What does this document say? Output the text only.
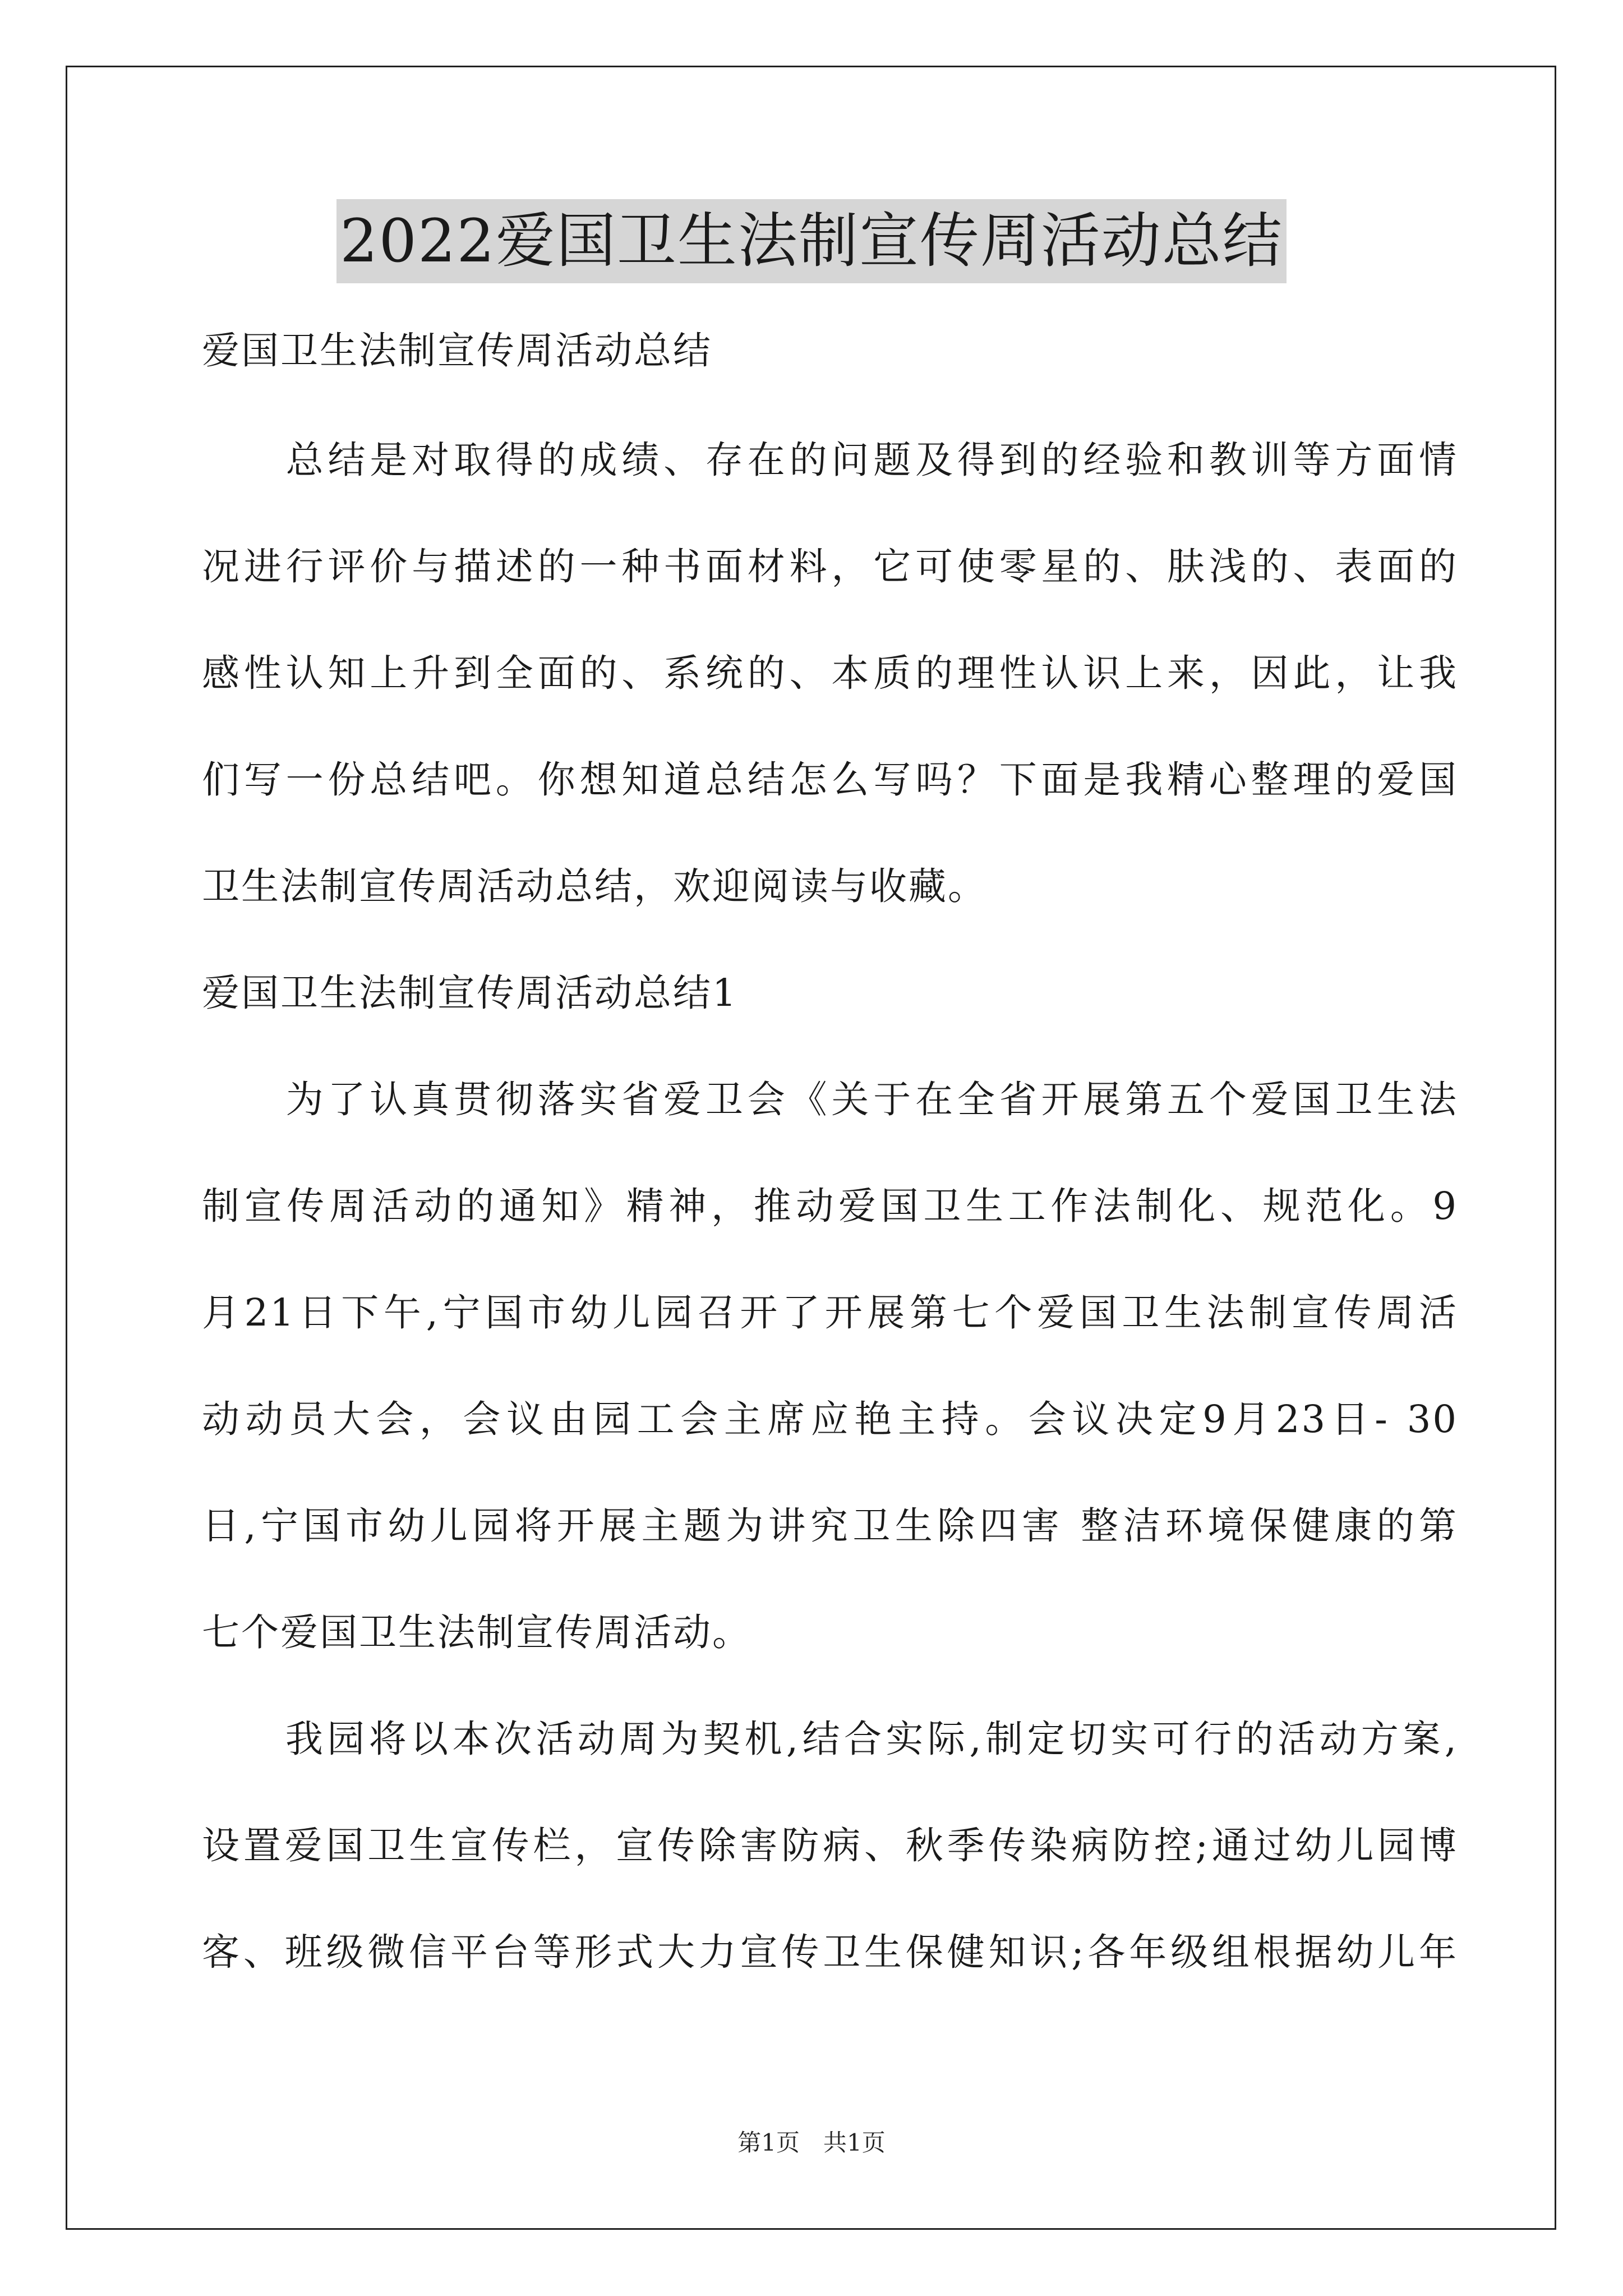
2022爱国卫生法制宣传周活动总结
爱国卫生法制宣传周活动总结
　　总结是对取得的成绩、存在的问题及得到的经验和教训等方面情
况进行评价与描述的一种书面材料，它可使零星的、肤浅的、表面的
感性认知上升到全面的、系统的、本质的理性认识上来，因此，让我
们写一份总结吧。你想知道总结怎么写吗？下面是我精心整理的爱国
卫生法制宣传周活动总结，欢迎阅读与收藏。
爱国卫生法制宣传周活动总结1
　　为了认真贯彻落实省爱卫会《关于在全省开展第五个爱国卫生法
制宣传周活动的通知》精神，推动爱国卫生工作法制化、规范化。9
月21日下午,宁国市幼儿园召开了开展第七个爱国卫生法制宣传周活
动动员大会，会议由园工会主席应艳主持。会议决定9月23日- 30
日,宁国市幼儿园将开展主题为讲究卫生除四害 整洁环境保健康的第
七个爱国卫生法制宣传周活动。
　　我园将以本次活动周为契机,结合实际,制定切实可行的活动方案,
设置爱国卫生宣传栏，宣传除害防病、秋季传染病防控;通过幼儿园博
客、班级微信平台等形式大力宣传卫生保健知识;各年级组根据幼儿年
第1页　共1页
